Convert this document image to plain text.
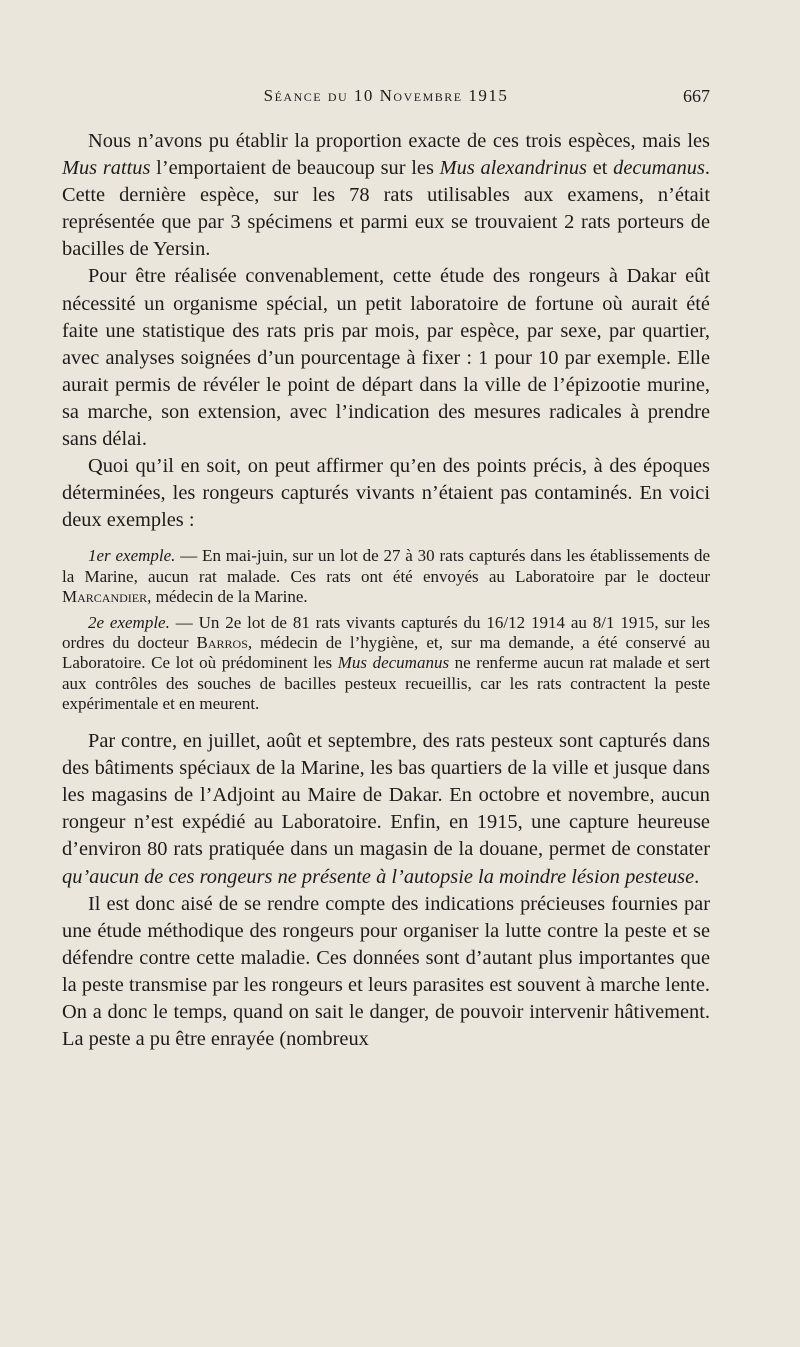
Séance du 10 Novembre 1915	667

Nous n’avons pu établir la proportion exacte de ces trois espèces, mais les Mus rattus l’emportaient de beaucoup sur les Mus alexandrinus et decumanus. Cette dernière espèce, sur les 78 rats utilisables aux examens, n’était représentée que par 3 spécimens et parmi eux se trouvaient 2 rats porteurs de bacilles de Yersin.

Pour être réalisée convenablement, cette étude des rongeurs à Dakar eût nécessité un organisme spécial, un petit laboratoire de fortune où aurait été faite une statistique des rats pris par mois, par espèce, par sexe, par quartier, avec analyses soignées d’un pourcentage à fixer : 1 pour 10 par exemple. Elle aurait permis de révéler le point de départ dans la ville de l’épizootie murine, sa marche, son extension, avec l’indication des mesures radicales à prendre sans délai.

Quoi qu’il en soit, on peut affirmer qu’en des points précis, à des époques déterminées, les rongeurs capturés vivants n’étaient pas contaminés. En voici deux exemples :

1er exemple. — En mai-juin, sur un lot de 27 à 30 rats capturés dans les établissements de la Marine, aucun rat malade. Ces rats ont été envoyés au Laboratoire par le docteur Marcandier, médecin de la Marine.

2e exemple. — Un 2e lot de 81 rats vivants capturés du 16/12 1914 au 8/1 1915, sur les ordres du docteur Barros, médecin de l’hygiène, et, sur ma demande, a été conservé au Laboratoire. Ce lot où prédominent les Mus decumanus ne renferme aucun rat malade et sert aux contrôles des souches de bacilles pesteux recueillis, car les rats contractent la peste expérimentale et en meurent.

Par contre, en juillet, août et septembre, des rats pesteux sont capturés dans des bâtiments spéciaux de la Marine, les bas quartiers de la ville et jusque dans les magasins de l’Adjoint au Maire de Dakar. En octobre et novembre, aucun rongeur n’est expédié au Laboratoire. Enfin, en 1915, une capture heureuse d’environ 80 rats pratiquée dans un magasin de la douane, permet de constater qu’aucun de ces rongeurs ne présente à l’autopsie la moindre lésion pesteuse.

Il est donc aisé de se rendre compte des indications précieuses fournies par une étude méthodique des rongeurs pour organiser la lutte contre la peste et se défendre contre cette maladie. Ces données sont d’autant plus importantes que la peste transmise par les rongeurs et leurs parasites est souvent à marche lente. On a donc le temps, quand on sait le danger, de pouvoir intervenir hâtivement. La peste a pu être enrayée (nombreux
